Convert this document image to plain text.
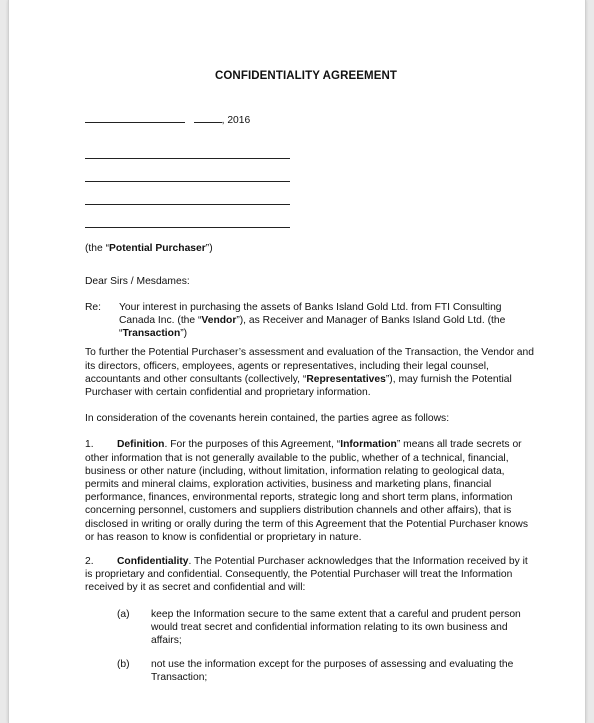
CONFIDENTIALITY AGREEMENT
, 2016
(the “Potential Purchaser”)
Dear Sirs / Mesdames:
Re:	Your interest in purchasing the assets of Banks Island Gold Ltd. from FTI Consulting Canada Inc. (the “Vendor”), as Receiver and Manager of Banks Island Gold Ltd. (the “Transaction”)
To further the Potential Purchaser’s assessment and evaluation of the Transaction, the Vendor and its directors, officers, employees, agents or representatives, including their legal counsel, accountants and other consultants (collectively, “Representatives”), may furnish the Potential Purchaser with certain confidential and proprietary information.
In consideration of the covenants herein contained, the parties agree as follows:
1. Definition. For the purposes of this Agreement, “Information” means all trade secrets or other information that is not generally available to the public, whether of a technical, financial, business or other nature (including, without limitation, information relating to geological data, permits and mineral claims, exploration activities, business and marketing plans, financial performance, finances, environmental reports, strategic long and short term plans, information concerning personnel, customers and suppliers distribution channels and other affairs), that is disclosed in writing or orally during the term of this Agreement that the Potential Purchaser knows or has reason to know is confidential or proprietary in nature.
2. Confidentiality. The Potential Purchaser acknowledges that the Information received by it is proprietary and confidential. Consequently, the Potential Purchaser will treat the Information received by it as secret and confidential and will:
(a)	keep the Information secure to the same extent that a careful and prudent person would treat secret and confidential information relating to its own business and affairs;
(b)	not use the information except for the purposes of assessing and evaluating the Transaction;
